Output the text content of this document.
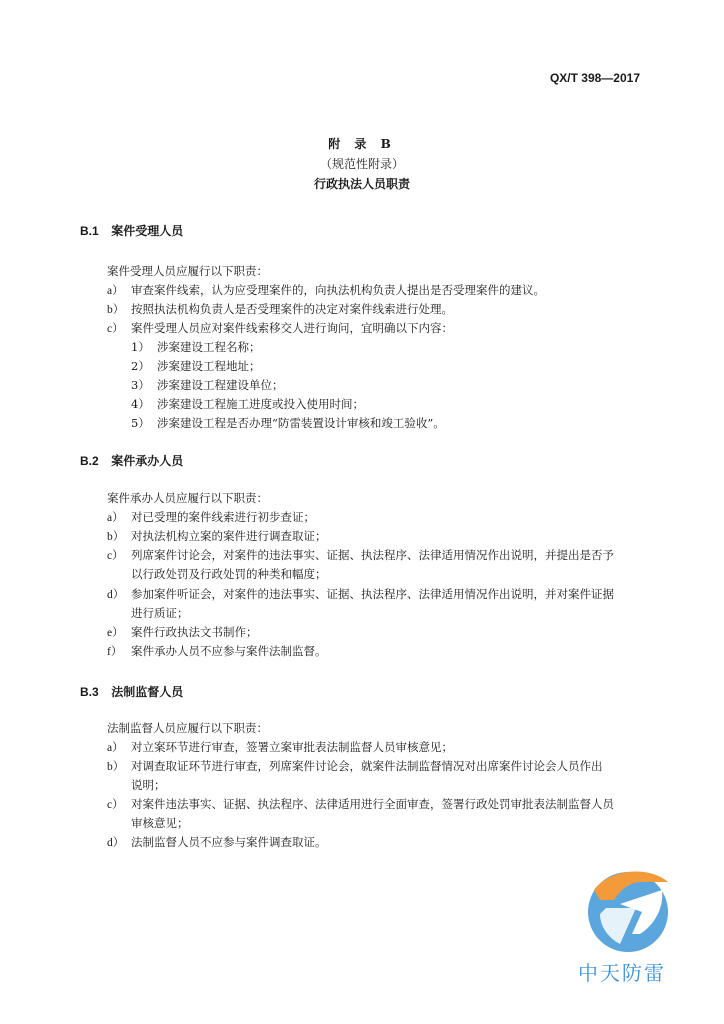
QX/T 398—2017
附 录 B
（规范性附录）
行政执法人员职责
B.1 案件受理人员
案件受理人员应履行以下职责：
a） 审查案件线索，认为应受理案件的，向执法机构负责人提出是否受理案件的建议。
b） 按照执法机构负责人是否受理案件的决定对案件线索进行处理。
c） 案件受理人员应对案件线索移交人进行询问，宜明确以下内容：
1） 涉案建设工程名称；
2） 涉案建设工程地址；
3） 涉案建设工程建设单位；
4） 涉案建设工程施工进度或投入使用时间；
5） 涉案建设工程是否办理“防雷装置设计审核和竣工验收”。
B.2 案件承办人员
案件承办人员应履行以下职责：
a） 对已受理的案件线索进行初步查证；
b） 对执法机构立案的案件进行调查取证；
c） 列席案件讨论会，对案件的违法事实、证据、执法程序、法律适用情况作出说明，并提出是否予
以行政处罚及行政处罚的种类和幅度；
d） 参加案件听证会，对案件的违法事实、证据、执法程序、法律适用情况作出说明，并对案件证据
进行质证；
e） 案件行政执法文书制作；
f） 案件承办人员不应参与案件法制监督。
B.3 法制监督人员
法制监督人员应履行以下职责：
a） 对立案环节进行审查，签署立案审批表法制监督人员审核意见；
b） 对调查取证环节进行审查，列席案件讨论会，就案件法制监督情况对出席案件讨论会人员作出
说明；
c） 对案件违法事实、证据、执法程序、法律适用进行全面审查，签署行政处罚审批表法制监督人员
审核意见；
d） 法制监督人员不应参与案件调查取证。
中天防雷
